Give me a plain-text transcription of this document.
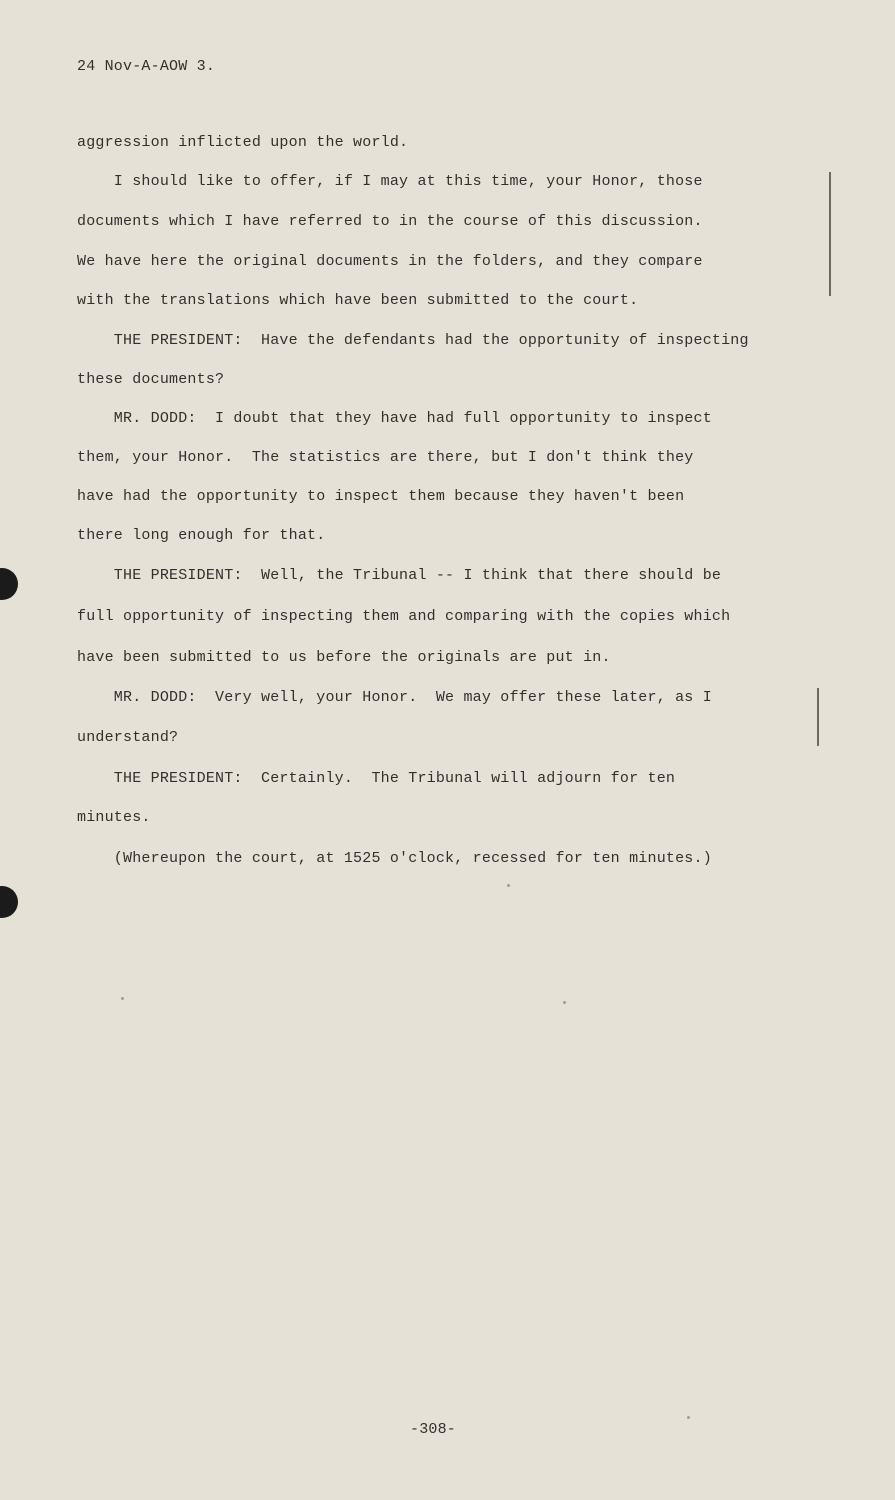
24 Nov-A-AOW 3.
aggression inflicted upon the world.
I should like to offer, if I may at this time, your Honor, those
documents which I have referred to in the course of this discussion.
We have here the original documents in the folders, and they compare
with the translations which have been submitted to the court.
THE PRESIDENT:  Have the defendants had the opportunity of inspecting
these documents?
MR. DODD:  I doubt that they have had full opportunity to inspect
them, your Honor.  The statistics are there, but I don't think they
have had the opportunity to inspect them because they haven't been
there long enough for that.
THE PRESIDENT:  Well, the Tribunal -- I think that there should be
full opportunity of inspecting them and comparing with the copies which
have been submitted to us before the originals are put in.
MR. DODD:  Very well, your Honor.  We may offer these later, as I
understand?
THE PRESIDENT:  Certainly.  The Tribunal will adjourn for ten
minutes.
(Whereupon the court, at 1525 o'clock, recessed for ten minutes.)
-308-
